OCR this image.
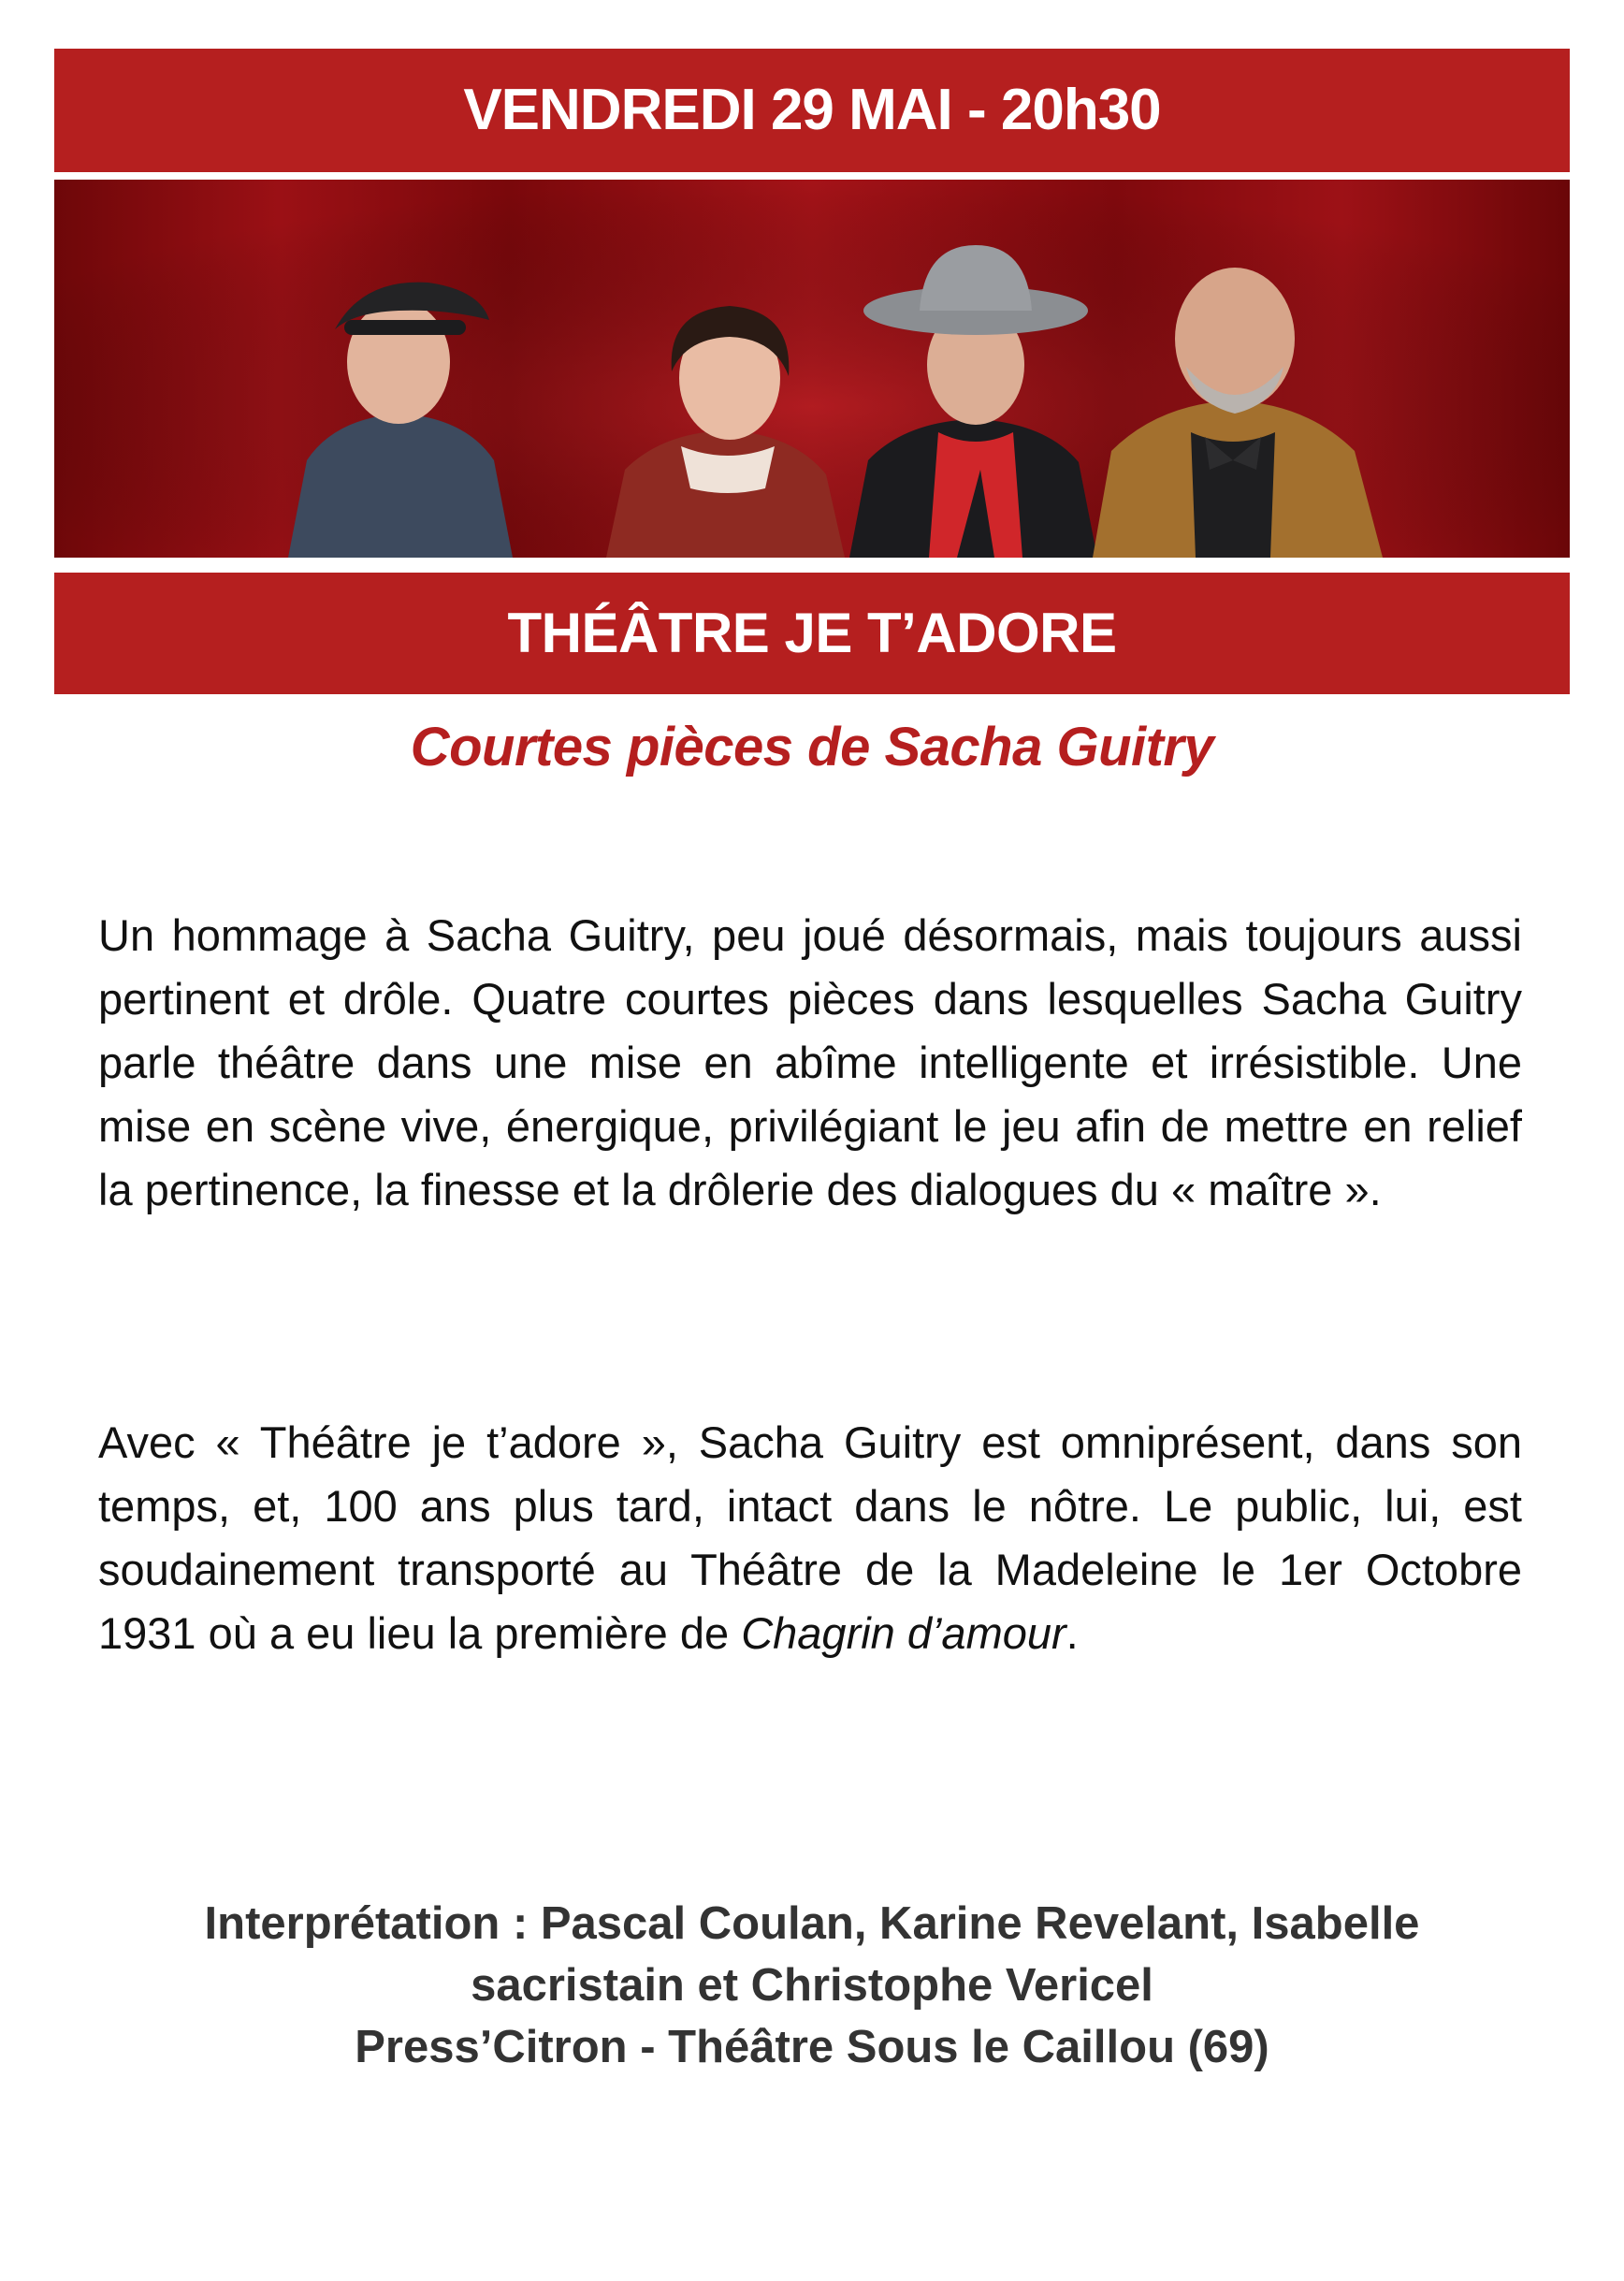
VENDREDI 29 MAI - 20h30
THÉÂTRE JE T’ADORE
Courtes pièces de Sacha Guitry

Un hommage à Sacha Guitry, peu joué désormais, mais toujours aussi pertinent et drôle. Quatre courtes pièces dans lesquelles Sacha Guitry parle théâtre dans une mise en abîme intelligente et irrésistible. Une mise en scène vive, énergique, privilégiant le jeu afin de mettre en relief la pertinence, la finesse et la drôlerie des dialogues du « maître ».

Avec « Théâtre je t’adore », Sacha Guitry est omniprésent, dans son temps, et, 100 ans plus tard, intact dans le nôtre. Le public, lui, est soudainement transporté au Théâtre de la Madeleine le 1er Octobre 1931 où a eu lieu la première de Chagrin d’amour.

Interprétation : Pascal Coulan, Karine Revelant, Isabelle
sacristain et Christophe Vericel
Press’Citron - Théâtre Sous le Caillou (69)
